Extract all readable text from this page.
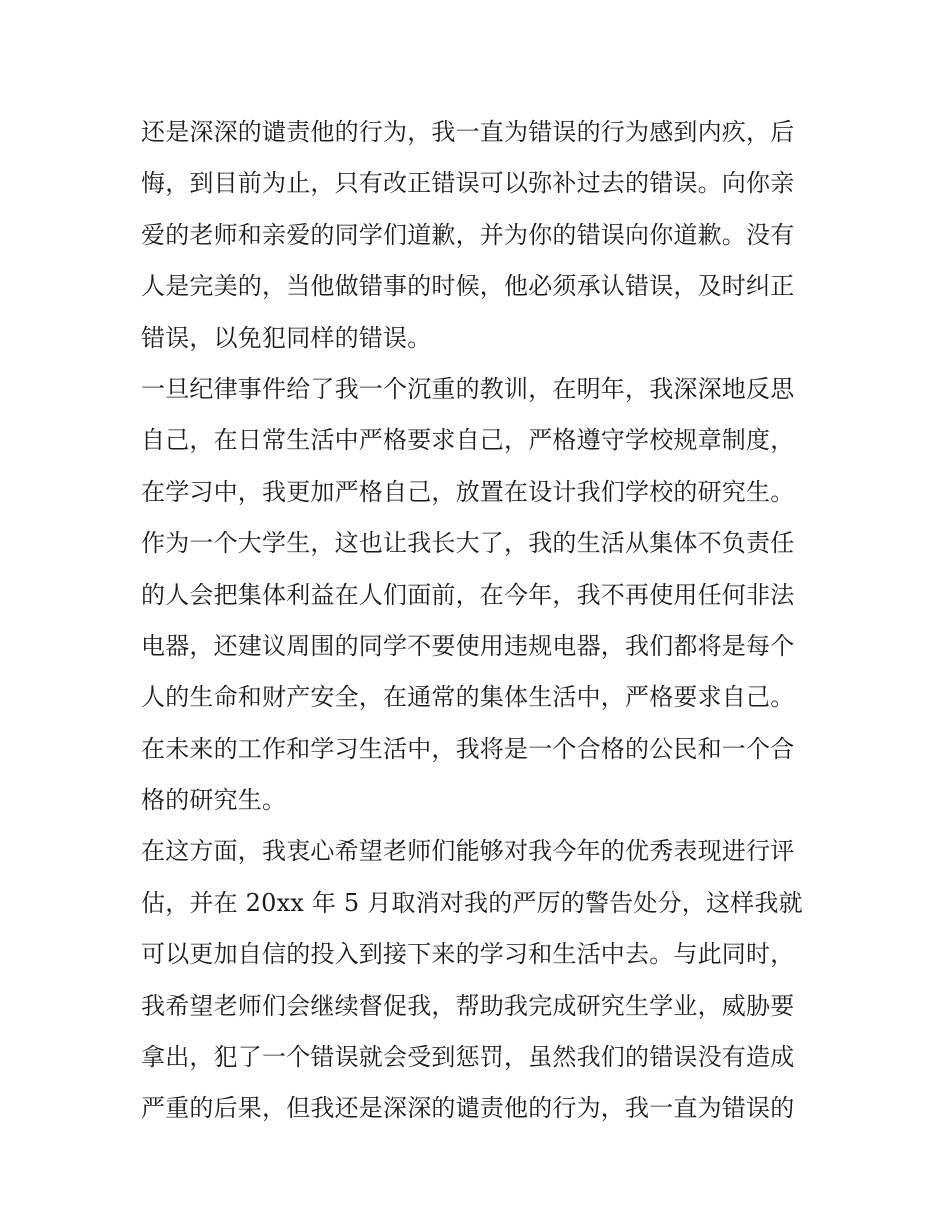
还是深深的谴责他的行为，我一直为错误的行为感到内疚，后
悔，到目前为止，只有改正错误可以弥补过去的错误。向你亲
爱的老师和亲爱的同学们道歉，并为你的错误向你道歉。没有
人是完美的，当他做错事的时候，他必须承认错误，及时纠正
错误，以免犯同样的错误。
一旦纪律事件给了我一个沉重的教训，在明年，我深深地反思
自己，在日常生活中严格要求自己，严格遵守学校规章制度，
在学习中，我更加严格自己，放置在设计我们学校的研究生。
作为一个大学生，这也让我长大了，我的生活从集体不负责任
的人会把集体利益在人们面前，在今年，我不再使用任何非法
电器，还建议周围的同学不要使用违规电器，我们都将是每个
人的生命和财产安全，在通常的集体生活中，严格要求自己。
在未来的工作和学习生活中，我将是一个合格的公民和一个合
格的研究生。
在这方面，我衷心希望老师们能够对我今年的优秀表现进行评
估，并在 20xx 年 5 月取消对我的严厉的警告处分，这样我就
可以更加自信的投入到接下来的学习和生活中去。与此同时，
我希望老师们会继续督促我，帮助我完成研究生学业，威胁要
拿出，犯了一个错误就会受到惩罚，虽然我们的错误没有造成
严重的后果，但我还是深深的谴责他的行为，我一直为错误的
